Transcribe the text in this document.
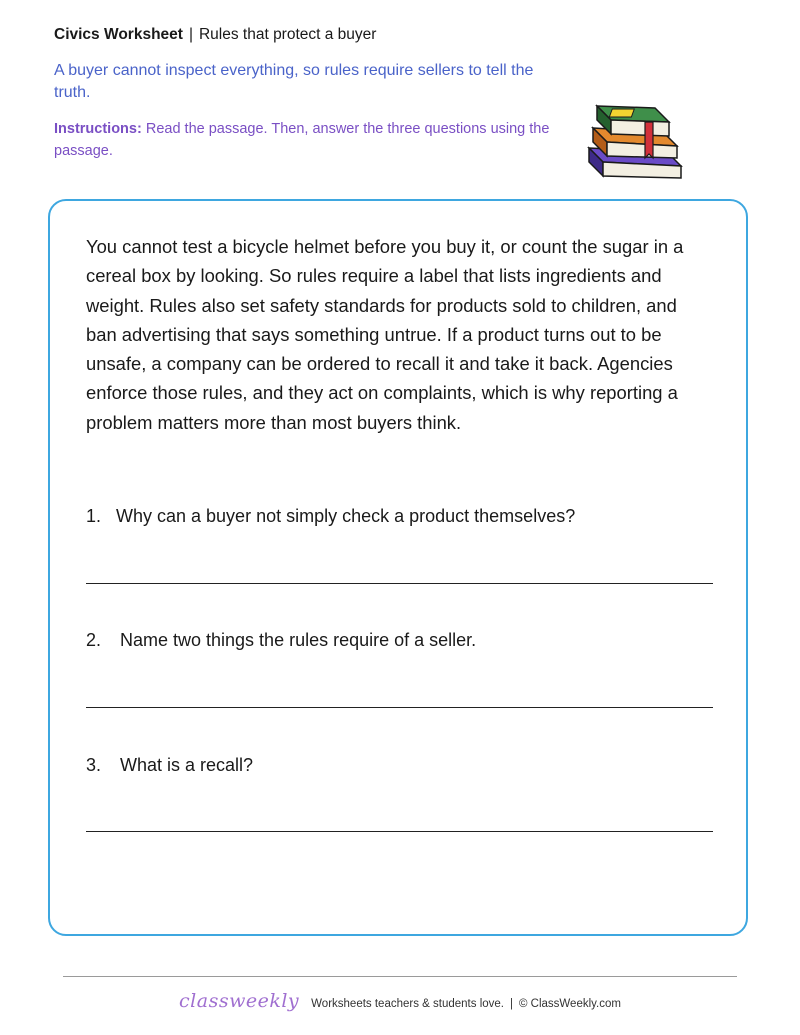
Civics Worksheet | Rules that protect a buyer
A buyer cannot inspect everything, so rules require sellers to tell the truth.
Instructions: Read the passage. Then, answer the three questions using the passage.
You cannot test a bicycle helmet before you buy it, or count the sugar in a cereal box by looking. So rules require a label that lists ingredients and weight. Rules also set safety standards for products sold to children, and ban advertising that says something untrue. If a product turns out to be unsafe, a company can be ordered to recall it and take it back. Agencies enforce those rules, and they act on complaints, which is why reporting a problem matters more than most buyers think.
1. Why can a buyer not simply check a product themselves?
2. Name two things the rules require of a seller.
3. What is a recall?
classweekly Worksheets teachers & students love. | © ClassWeekly.com
